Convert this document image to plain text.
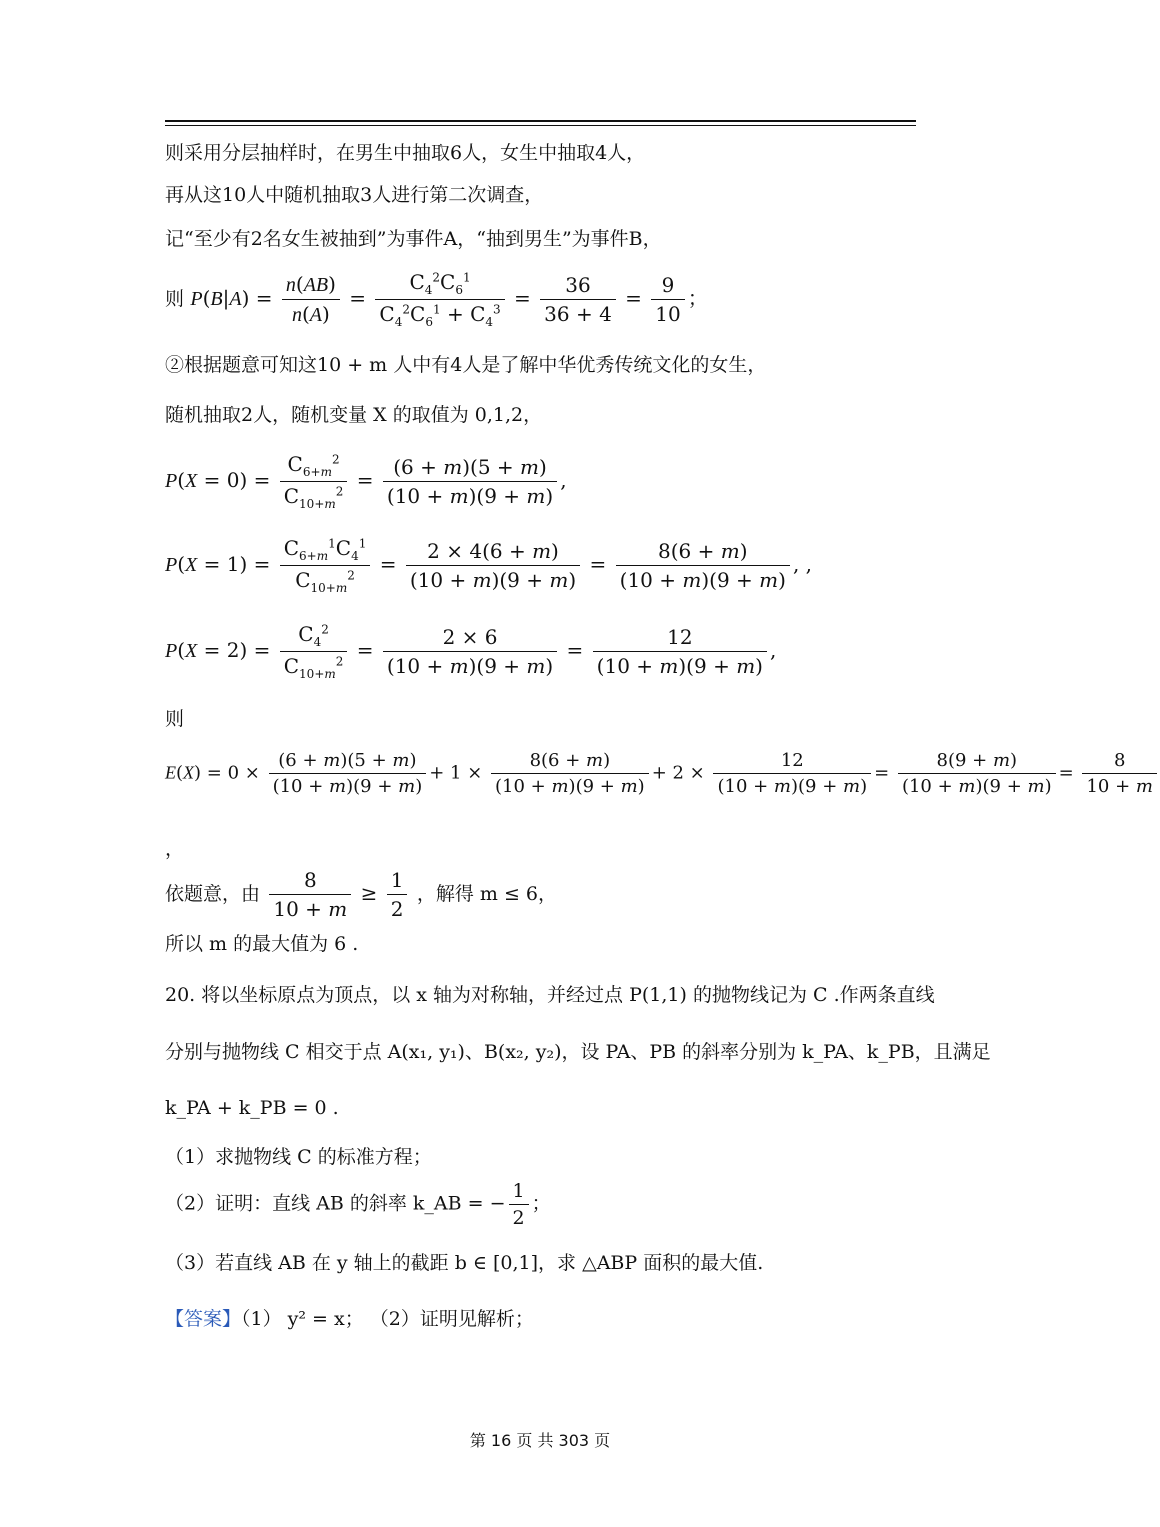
则采用分层抽样时，在男生中抽取6人，女生中抽取4人，
再从这10人中随机抽取3人进行第二次调查，
记“至少有2名女生被抽到”为事件A，“抽到男生”为事件B，
则 $P(B|A) = \frac{n(AB)}{n(A)} = \frac{C_4^2C_6^1}{C_4^2C_6^1 + C_4^3} = \frac{36}{36 + 4} = \frac{9}{10}$ ；
②根据题意可知这10 + m 人中有4人是了解中华优秀传统文化的女生，
随机抽取2人，随机变量 X 的取值为 0,1,2，
$P(X = 0) = \frac{C_{6+m}^2}{C_{10+m}^2} = \frac{(6 + m)(5 + m)}{(10 + m)(9 + m)}$ ,
$P(X = 1) = \frac{C_{6+m}^1C_4^1}{C_{10+m}^2} = \frac{2 \times 4(6 + m)}{(10 + m)(9 + m)} = \frac{8(6 + m)}{(10 + m)(9 + m)}$ , ,
$P(X = 2) = \frac{C_4^2}{C_{10+m}^2} = \frac{2 \times 6}{(10 + m)(9 + m)} = \frac{12}{(10 + m)(9 + m)}$ ,
则
$E(X) = 0 \times \frac{(6 + m)(5 + m)}{(10 + m)(9 + m)} + 1 \times \frac{8(6 + m)}{(10 + m)(9 + m)} + 2 \times \frac{12}{(10 + m)(9 + m)} = \frac{8(9 + m)}{(10 + m)(9 + m)} = \frac{8}{10 + m}$
，
依题意，由 $\frac{8}{10 + m} \ge \frac{1}{2}$ ，解得 m ≤ 6，
所以 m 的最大值为 6 .
20. 将以坐标原点为顶点，以 x 轴为对称轴，并经过点 P(1,1) 的抛物线记为 C .作两条直线
分别与抛物线 C 相交于点 A(x₁, y₁)、B(x₂, y₂)，设 PA、PB 的斜率分别为 k_PA、k_PB，且满足
k_PA + k_PB = 0 .
（1）求抛物线 C 的标准方程；
（2）证明：直线 AB 的斜率 k_AB = − $\frac{1}{2}$ ；
（3）若直线 AB 在 y 轴上的截距 b ∈ [0,1]，求 △ABP 面积的最大值.
【答案】（1） y² = x； （2）证明见解析；
第 16 页 共 303 页
